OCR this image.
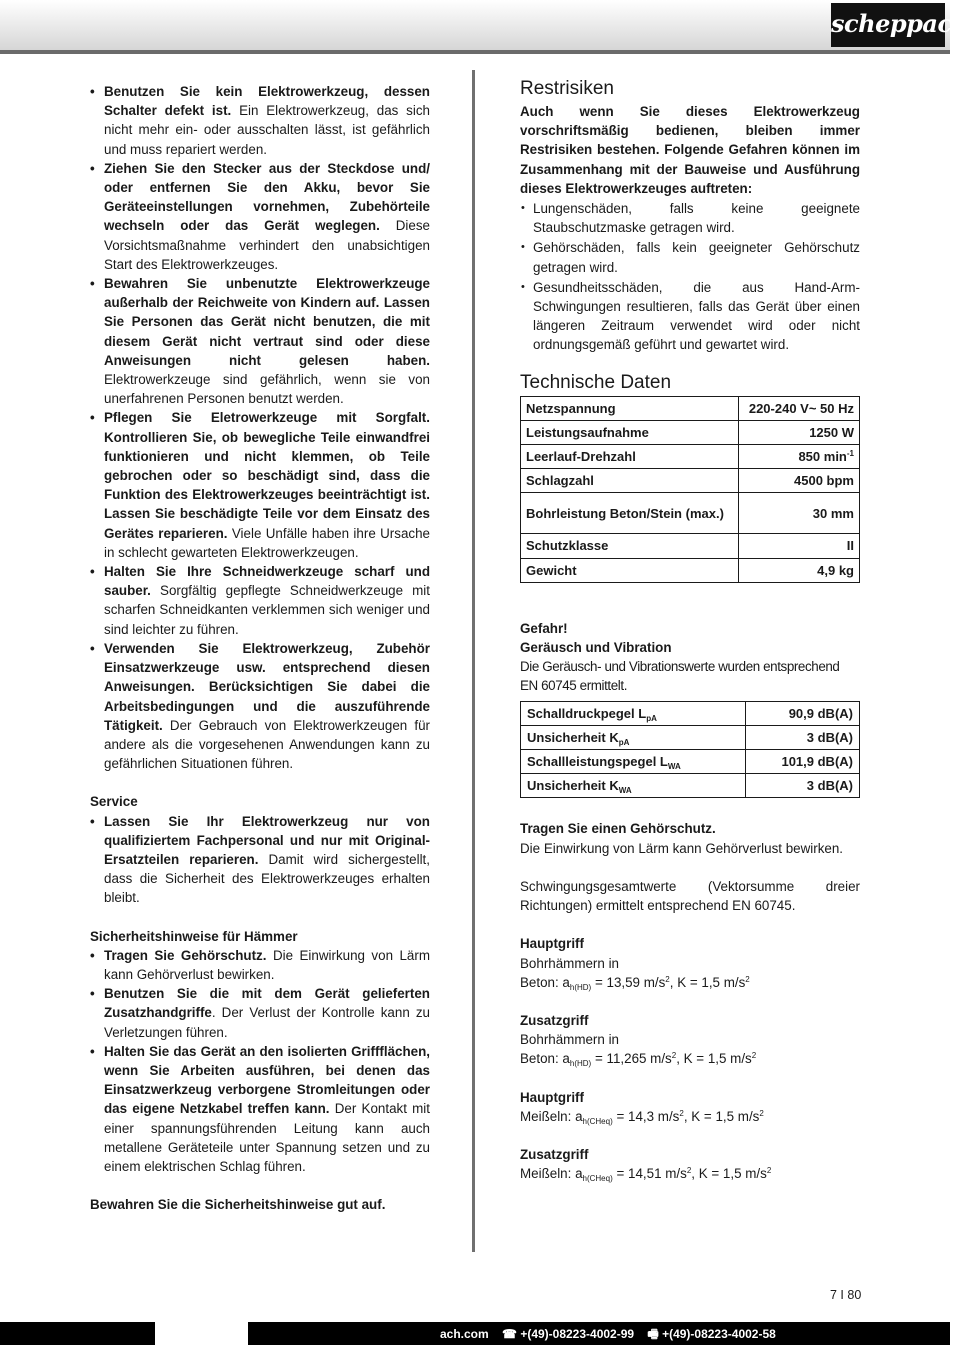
scheppach
• Benutzen Sie kein Elektrowerkzeug, dessen Schalter defekt ist. Ein Elektrowerkzeug, das sich nicht mehr ein- oder ausschalten lässt, ist gefährlich und muss repariert werden.
• Ziehen Sie den Stecker aus der Steckdose und/ oder entfernen Sie den Akku, bevor Sie Geräteeinstellungen vornehmen, Zubehörteile wechseln oder das Gerät weglegen. Diese Vorsichtsmaßnahme verhindert den unabsichtigen Start des Elektrowerkzeuges.
• Bewahren Sie unbenutzte Elektrowerkzeuge außerhalb der Reichweite von Kindern auf. Lassen Sie Personen das Gerät nicht benutzen, die mit diesem Gerät nicht vertraut sind oder diese Anweisungen nicht gelesen haben. Elektrowerkzeuge sind gefährlich, wenn sie von unerfahrenen Personen benutzt werden.
• Pflegen Sie Eletrowerkzeuge mit Sorgfalt. Kontrollieren Sie, ob bewegliche Teile einwandfrei funktionieren und nicht klemmen, ob Teile gebrochen oder so beschädigt sind, dass die Funktion des Elektrowerkzeuges beeinträchtigt ist. Lassen Sie beschädigte Teile vor dem Einsatz des Gerätes reparieren. Viele Unfälle haben ihre Ursache in schlecht gewarteten Elektrowerkzeugen.
• Halten Sie Ihre Schneidwerkzeuge scharf und sauber. Sorgfältig gepflegte Schneidwerkzeuge mit scharfen Schneidkanten verklemmen sich weniger und sind leichter zu führen.
• Verwenden Sie Elektrowerkzeug, Zubehör Einsatzwerkzeuge usw. entsprechend diesen Anweisungen. Berücksichtigen Sie dabei die Arbeitsbedingungen und die auszuführende Tätigkeit. Der Gebrauch von Elektrowerkzeugen für andere als die vorgesehenen Anwendungen kann zu gefährlichen Situationen führen.
Service
• Lassen Sie Ihr Elektrowerkzeug nur von qualifiziertem Fachpersonal und nur mit Original-Ersatzteilen reparieren. Damit wird sichergestellt, dass die Sicherheit des Elektrowerkzeuges erhalten bleibt.
Sicherheitshinweise für Hämmer
• Tragen Sie Gehörschutz. Die Einwirkung von Lärm kann Gehörverlust bewirken.
• Benutzen Sie die mit dem Gerät gelieferten Zusatzhandgriffe. Der Verlust der Kontrolle kann zu Verletzungen führen.
• Halten Sie das Gerät an den isolierten Griffflächen, wenn Sie Arbeiten ausführen, bei denen das Einsatzwerkzeug verborgene Stromleitungen oder das eigene Netzkabel treffen kann. Der Kontakt mit einer spannungsführenden Leitung kann auch metallene Geräteteile unter Spannung setzen und zu einem elektrischen Schlag führen.
Bewahren Sie die Sicherheitshinweise gut auf.
Restrisiken
Auch wenn Sie dieses Elektrowerkzeug vorschriftsmäßig bedienen, bleiben immer Restrisiken bestehen. Folgende Gefahren können im Zusammenhang mit der Bauweise und Ausführung dieses Elektrowerkzeuges auftreten:
• Lungenschäden, falls keine geeignete Staubschutzmaske getragen wird.
• Gehörschäden, falls kein geeigneter Gehörschutz getragen wird.
• Gesundheitsschäden, die aus Hand-Arm- Schwingungen resultieren, falls das Gerät über einen längeren Zeitraum verwendet wird oder nicht ordnungsgemäß geführt und gewartet wird.
Technische Daten
Netzspannung	220-240 V~ 50 Hz
Leistungsaufnahme	1250 W
Leerlauf-Drehzahl	850 $\min^{-1}$
Schlagzahl	4500 bpm
Bohrleistung Beton/Stein (max.)	30 mm
Schutzklasse	II
Gewicht	4,9 kg
Gefahr!
Geräusch und Vibration
Die Geräusch- und Vibrationswerte wurden entsprechend EN 60745 ermittelt.
Schalldruckpegel $L_{pA}$	90,9 dB(A)
Unsicherheit $K_{pA}$	3 dB(A)
Schallleistungspegel $L_{WA}$	101,9 dB(A)
Unsicherheit $K_{WA}$	3 dB(A)
Tragen Sie einen Gehörschutz.
Die Einwirkung von Lärm kann Gehörverlust bewirken.
Schwingungsgesamtwerte (Vektorsumme dreier Richtungen) ermittelt entsprechend EN 60745.
Hauptgriff
Bohrhämmern in
Beton: $a_{h(HD)} = 13,59$ $m/s^2$, K = 1,5 $m/s^2$
Zusatzgriff
Bohrhämmern in
Beton: $a_{h(HD)} = 11,265$ $m/s^2$, K = 1,5 $m/s^2$
Hauptgriff
Meißeln: $a_{h(CHeq)} = 14,3$ $m/s^2$, K = 1,5 $m/s^2$
Zusatzgriff
Meißeln: $a_{h(CHeq)} = 14,51$ $m/s^2$, K = 1,5 $m/s^2$
7 I 80
ach.com ☎ +(49)-08223-4002-99 🖷 +(49)-08223-4002-58
